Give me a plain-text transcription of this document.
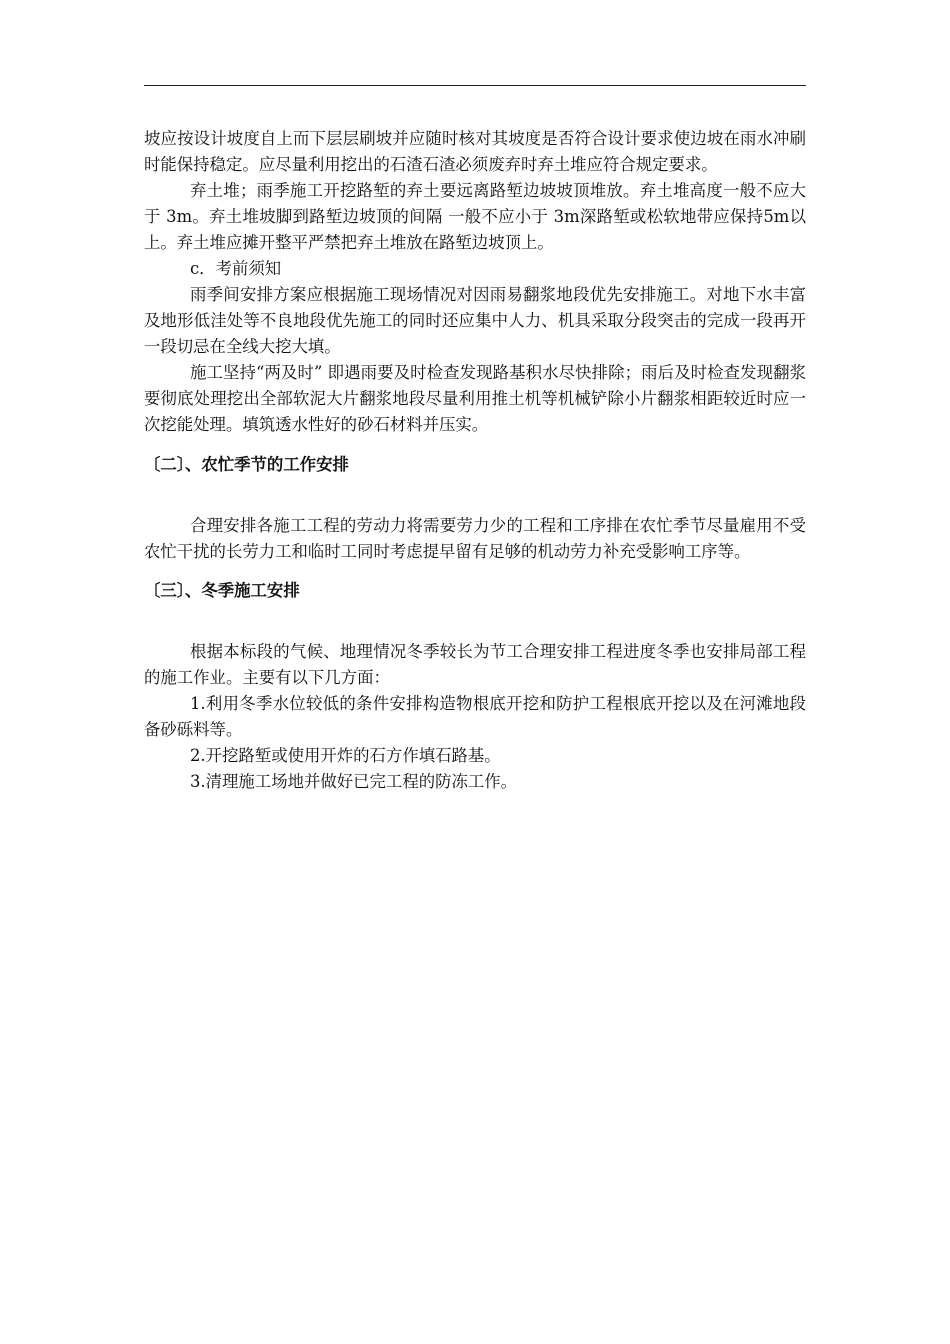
坡应按设计坡度自上而下层层刷坡并应随时核对其坡度是否符合设计要求使边坡在雨水冲刷时能保持稳定。应尽量利用挖出的石渣石渣必须废弃时弃土堆应符合规定要求。

弃土堆；雨季施工开挖路堑的弃土要远离路堑边坡坡顶堆放。弃土堆高度一般不应大于 3m。弃土堆坡脚到路堑边坡顶的间隔 一般不应小于 3m深路堑或松软地带应保持5m以上。弃土堆应摊开整平严禁把弃土堆放在路堑边坡顶上。

c．考前须知

雨季间安排方案应根据施工现场情况对因雨易翻浆地段优先安排施工。对地下水丰富及地形低洼处等不良地段优先施工的同时还应集中人力、机具采取分段突击的完成一段再开一段切忌在全线大挖大填。

施工坚持“两及时” 即遇雨要及时检查发现路基积水尽快排除；雨后及时检查发现翻浆要彻底处理挖出全部软泥大片翻浆地段尽量利用推土机等机械铲除小片翻浆相距较近时应一次挖能处理。填筑透水性好的砂石材料并压实。

〔二〕、农忙季节的工作安排

合理安排各施工工程的劳动力将需要劳力少的工程和工序排在农忙季节尽量雇用不受农忙干扰的长劳力工和临时工同时考虑提早留有足够的机动劳力补充受影响工序等。

〔三〕、冬季施工安排

根据本标段的气候、地理情况冬季较长为节工合理安排工程进度冬季也安排局部工程的施工作业。主要有以下几方面：

1.利用冬季水位较低的条件安排构造物根底开挖和防护工程根底开挖以及在河滩地段备砂砾料等。

2.开挖路堑或使用开炸的石方作填石路基。

3.清理施工场地并做好已完工程的防冻工作。
